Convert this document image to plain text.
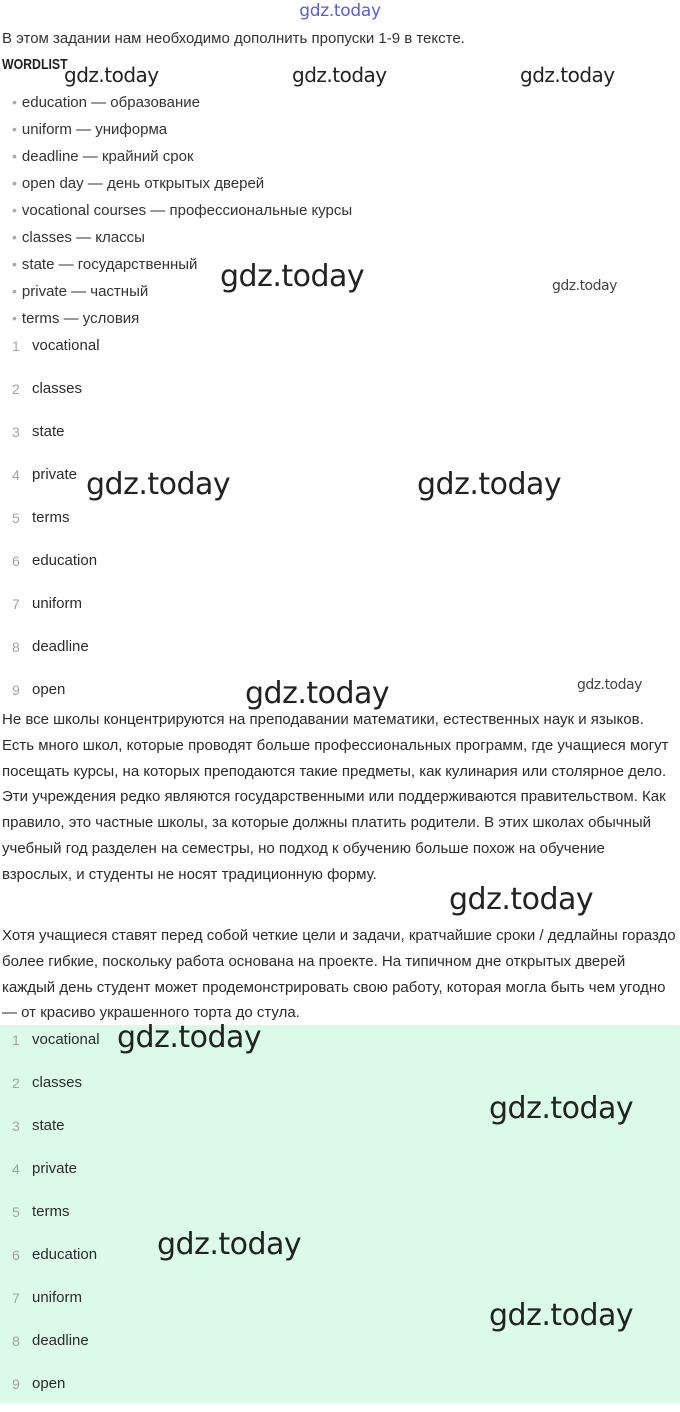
gdz.today
В этом задании нам необходимо дополнить пропуски 1-9 в тексте.
WORDLIST
• education — образование
• uniform — униформа
• deadline — крайний срок
• open day — день открытых дверей
• vocational courses — профессиональные курсы
• classes — классы
• state — государственный
• private — частный
• terms — условия
1 vocational
2 classes
3 state
4 private
5 terms
6 education
7 uniform
8 deadline
9 open

Не все школы концентрируются на преподавании математики, естественных наук и языков. Есть много школ, которые проводят больше профессиональных программ, где учащиеся могут посещать курсы, на которых преподаются такие предметы, как кулинария или столярное дело. Эти учреждения редко являются государственными или поддерживаются правительством. Как правило, это частные школы, за которые должны платить родители. В этих школах обычный учебный год разделен на семестры, но подход к обучению больше похож на обучение взрослых, и студенты не носят традиционную форму.

Хотя учащиеся ставят перед собой четкие цели и задачи, кратчайшие сроки / дедлайны гораздо более гибкие, поскольку работа основана на проекте. На типичном дне открытых дверей каждый день студент может продемонстрировать свою работу, которая могла быть чем угодно — от красиво украшенного торта до стула.

1 vocational
2 classes
3 state
4 private
5 terms
6 education
7 uniform
8 deadline
9 open
gdz.today	gdz.today	gdz.today
gdz.today	gdz.today
gdz.today	gdz.today
gdz.today	gdz.today
gdz.today
gdz.today
gdz.today
gdz.today
gdz.today
